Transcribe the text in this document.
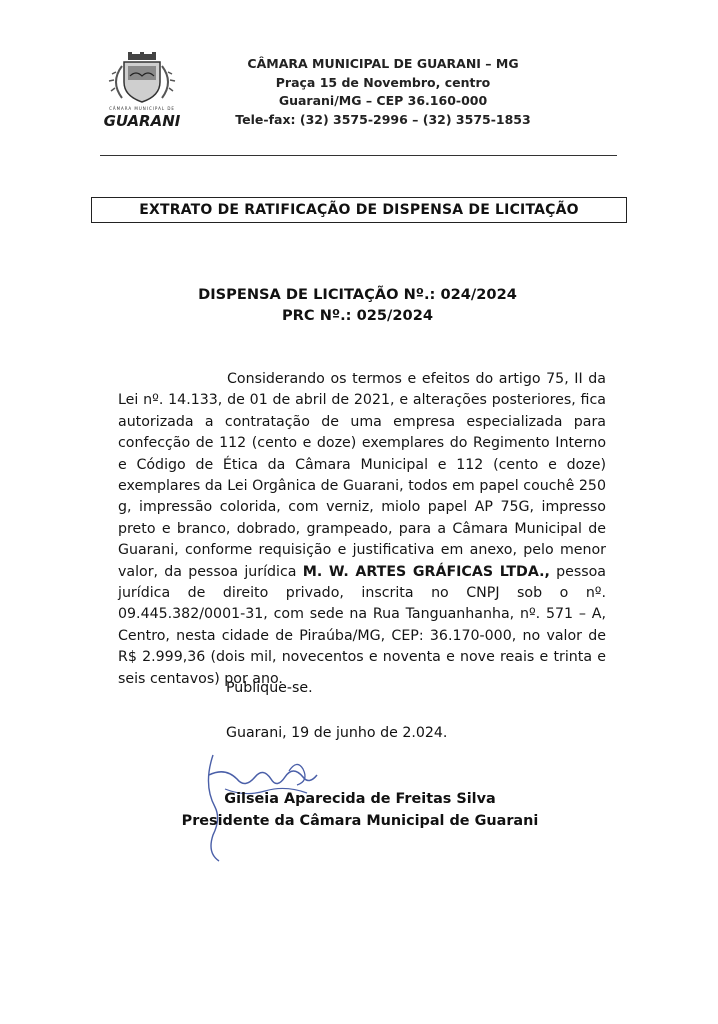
CÂMARA MUNICIPAL DE
GUARANI
CÂMARA MUNICIPAL DE GUARANI – MG
Praça 15 de Novembro, centro
Guarani/MG – CEP 36.160-000
Tele-fax: (32) 3575-2996 – (32) 3575-1853
EXTRATO DE RATIFICAÇÃO DE DISPENSA DE LICITAÇÃO
DISPENSA DE LICITAÇÃO Nº.: 024/2024
PRC Nº.: 025/2024
Considerando os termos e efeitos do artigo 75, II da Lei nº. 14.133, de 01 de abril de 2021, e alterações posteriores, fica autorizada a contratação de uma empresa especializada para confecção de 112 (cento e doze) exemplares do Regimento Interno e Código de Ética da Câmara Municipal e 112 (cento e doze) exemplares da Lei Orgânica de Guarani, todos em papel couchê 250 g, impressão colorida, com verniz, miolo papel AP 75G, impresso preto e branco, dobrado, grampeado, para a Câmara Municipal de Guarani, conforme requisição e justificativa em anexo, pelo menor valor, da pessoa jurídica M. W. ARTES GRÁFICAS LTDA., pessoa jurídica de direito privado, inscrita no CNPJ sob o nº. 09.445.382/0001-31, com sede na Rua Tanguanhanha, nº. 571 – A, Centro, nesta cidade de Piraúba/MG, CEP: 36.170-000, no valor de R$ 2.999,36 (dois mil, novecentos e noventa e nove reais e trinta e seis centavos) por ano.
Publique-se.
Guarani, 19 de junho de 2.024.
Gilseia Aparecida de Freitas Silva
Presidente da Câmara Municipal de Guarani
